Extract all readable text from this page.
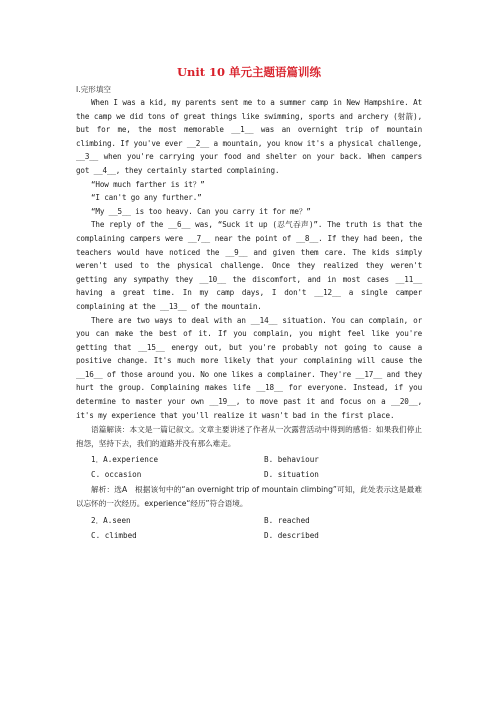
Unit 10 单元主题语篇训练
Ⅰ.完形填空

When I was a kid, my parents sent me to a summer camp in New Hampshire. At the camp we did tons of great things like swimming, sports and archery (射箭), but for me, the most memorable __1__ was an overnight trip of mountain climbing. If you've ever __2__ a mountain, you know it's a physical challenge, __3__ when you're carrying your food and shelter on your back. When campers got __4__, they certainly started complaining.

“How much farther is it？”

“I can't go any further.”

“My __5__ is too heavy. Can you carry it for me？”

The reply of the __6__ was, “Suck it up (忍气吞声)”. The truth is that the complaining campers were __7__ near the point of __8__. If they had been, the teachers would have noticed the __9__ and given them care. The kids simply weren't used to the physical challenge. Once they realized they weren't getting any sympathy they __10__ the discomfort, and in most cases __11__ having a great time. In my camp days, I don't __12__ a single camper complaining at the __13__ of the mountain.

There are two ways to deal with an __14__ situation. You can complain, or you can make the best of it. If you complain, you might feel like you're getting that __15__ energy out, but you're probably not going to cause a positive change. It's much more likely that your complaining will cause the __16__ of those around you. No one likes a complainer. They're __17__ and they hurt the group. Complaining makes life __18__ for everyone. Instead, if you determine to master your own __19__, to move past it and focus on a __20__, it's my experience that you'll realize it wasn't bad in the first place.

语篇解读：本文是一篇记叙文。文章主要讲述了作者从一次露营活动中得到的感悟：如果我们停止抱怨，坚持下去，我们的道路并没有那么难走。

1．A.experience	B. behaviour
C. occasion	D. situation

解析：选A　根据该句中的“an overnight trip of mountain climbing”可知，此处表示这是最难以忘怀的一次经历。experience“经历”符合语境。

2．A.seen	B. reached
C. climbed	D. described
